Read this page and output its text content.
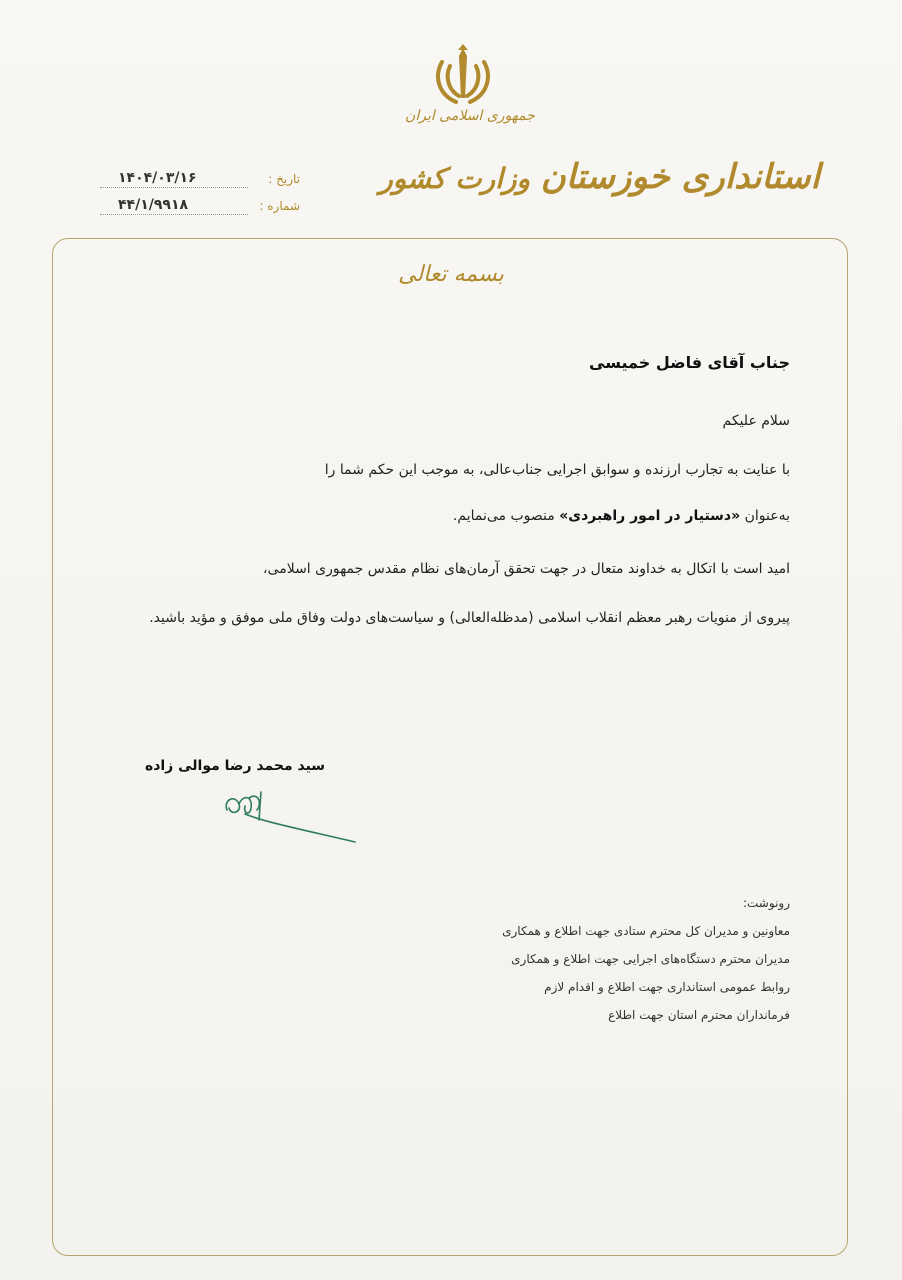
جمهوری اسلامی ایران
وزارت کشور استانداری خوزستان
تاریخ :
۱۴۰۴/۰۳/۱۶
شماره :
۴۴/۱/۹۹۱۸
بسمه تعالی
جناب آقای فاضل خمیسی
سلام علیکم
با عنایت به تجارب ارزنده و سوابق اجرایی جناب‌عالی، به موجب این حکم شما را
به‌عنوان «دستیار در امور راهبردی» منصوب می‌نمایم.
امید است با اتکال به خداوند متعال در جهت تحقق آرمان‌های نظام مقدس جمهوری اسلامی،
پیروی از منویات رهبر معظم انقلاب اسلامی (مدظله‌العالی) و سیاست‌های دولت وفاق ملی موفق و مؤید باشید.
سید محمد رضا موالی زاده
رونوشت:
معاونین و مدیران کل محترم ستادی جهت اطلاع و همکاری
مدیران محترم دستگاه‌های اجرایی جهت اطلاع و همکاری
روابط عمومی استانداری جهت اطلاع و اقدام لازم
فرمانداران محترم استان جهت اطلاع
